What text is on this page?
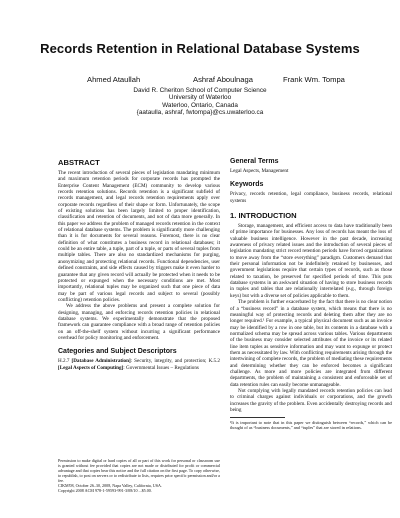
Records Retention in Relational Database Systems
Ahmed Ataullah	Ashraf Aboulnaga	Frank Wm. Tompa
David R. Cheriton School of Computer Science
University of Waterloo
Waterloo, Ontario, Canada
{aataulla, ashraf, fwtompa}@cs.uwaterloo.ca
ABSTRACT

The recent introduction of several pieces of legislation mandating minimum and maximum retention periods for corporate records has prompted the Enterprise Content Management (ECM) community to develop various records retention solutions. Records retention is a significant subfield of records management, and legal records retention requirements apply over corporate records regardless of their shape or form. Unfortunately, the scope of existing solutions has been largely limited to proper identification, classification and retention of documents, and not of data more generally. In this paper we address the problem of managed records retention in the context of relational database systems. The problem is significantly more challenging than it is for documents for several reasons. Foremost, there is no clear definition of what constitutes a business record in relational databases; it could be an entire table, a tuple, part of a tuple, or parts of several tuples from multiple tables. There are also no standardized mechanisms for purging, anonymizing and protecting relational records. Functional dependencies, user defined constraints, and side effects caused by triggers make it even harder to guarantee that any given record will actually be protected when it needs to be protected or expunged when the necessary conditions are met. Most importantly, relational tuples may be organized such that one piece of data may be part of various legal records and subject to several (possibly conflicting) retention policies.

We address the above problems and present a complete solution for designing, managing, and enforcing records retention policies in relational database systems. We experimentally demonstrate that the proposed framework can guarantee compliance with a broad range of retention policies on an off-the-shelf system without incurring a significant performance overhead for policy monitoring and enforcement.

Categories and Subject Descriptors

H.2.7 [Database Administration]: Security, integrity, and protection; K.5.2 [Legal Aspects of Computing]: Governmental Issues – Regulations

Permission to make digital or hard copies of all or part of this work for personal or classroom use is granted without fee provided that copies are not made or distributed for profit or commercial advantage and that copies bear this notice and the full citation on the first page. To copy otherwise, to republish, to post on servers or to redistribute to lists, requires prior specific permission and/or a fee.

CIKM'08, October 26–30, 2008, Napa Valley, California, USA.

Copyright 2008 ACM 978-1-59593-991-3/08/10 ...$5.00.

General Terms

Legal Aspects, Management

Keywords

Privacy, records retention, legal compliance, business records, relational systems

1. INTRODUCTION

Storage, management, and efficient access to data have traditionally been of prime importance for businesses. Any loss of records has meant the loss of valuable business intelligence. However in the past decade, increasing awareness of privacy related issues and the introduction of several pieces of legislation mandating strict record retention periods have forced organizations to move away from the “store everything” paradigm. Customers demand that their personal information not be indefinitely retained by businesses, and government legislations require that certain types of records, such as those related to taxation, be preserved for specified periods of time. This puts database systems in an awkward situation of having to store business records in tuples and tables that are relationally interrelated (e.g., through foreign keys) but with a diverse set of policies applicable to them.

The problem is further exacerbated by the fact that there is no clear notion of a “business record” in a database system, which means that there is no meaningful way of protecting records and deleting them after they are no longer required.¹ For example, a typical physical document such as an invoice may be identified by a row in one table, but its contents in a database with a normalized schema may be spread across various tables. Various departments of the business may consider selected attributes of the invoice or its related line item tuples as sensitive information and may want to expunge or protect them as necessitated by law. With conflicting requirements arising through the intertwining of complete records, the problem of mediating these requirements and determining whether they can be enforced becomes a significant challenge. As more and more policies are integrated from different departments, the problem of maintaining a consistent and enforceable set of data retention rules can easily become unmanageable.

Not complying with legally mandated records retention policies can lead to criminal charges against individuals or corporations, and the growth increases the gravity of the problem. Even accidentally destroying records and being

¹It is important to note that in this paper we distinguish between “records,” which can be thought of as “business documents,” and “tuples” that are stored in relations.
